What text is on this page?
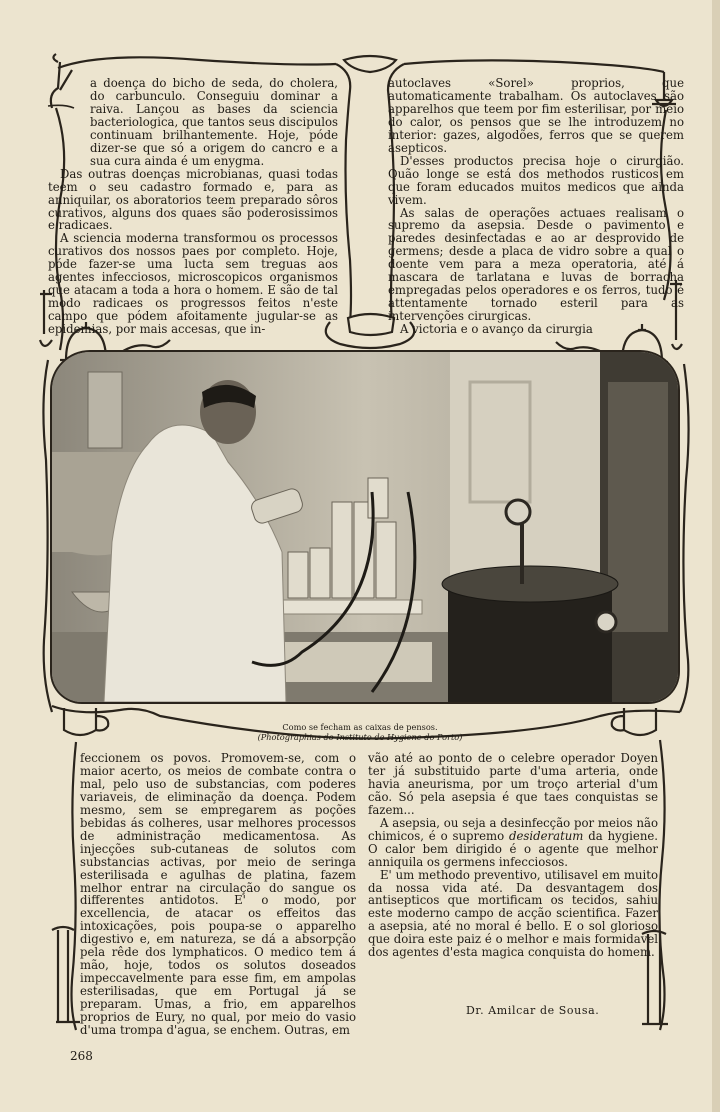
a doença do bicho de seda, do cholera, do carbunculo. Conseguiu dominar a raiva. Lançou as bases da sciencia bacteriologica, que tantos seus discipulos continuam brilhantemente. Hoje, póde dizer-se que só a origem do cancro e a sua cura ainda é um enygma.

Das outras doenças microbianas, quasi todas teem o seu cadastro formado e, para as anniquilar, os aboratorios teem preparado sôros curativos, alguns dos quaes são poderosissimos e radicaes.

A sciencia moderna transformou os processos curativos dos nossos paes por completo. Hoje, póde fazer-se uma lucta sem treguas aos agentes infecciosos, microscopicos organismos que atacam a toda a hora o homem. E são de tal modo radicaes os progressos feitos n'este campo que pódem afoitamente jugular-se as epidemias, por mais accesas, que in-

autoclaves «Sorel» proprios, que automaticamente trabalham. Os autoclaves são apparelhos que teem por fim esterilisar, por meio do calor, os pensos que se lhe introduzem no interior: gazes, algodões, ferros que se querem asepticos.

D'esses productos precisa hoje o cirurgião. Quão longe se está dos methodos rusticos em que foram educados muitos medicos que ainda vivem.

As salas de operações actuaes realisam o supremo da asepsia. Desde o pavimento e paredes desinfectadas e ao ar desprovido de germens; desde a placa de vidro sobre a qual o doente vem para a meza operatoria, até á mascara de tarlatana e luvas de borracha empregadas pelos operadores e os ferros, tudo é attentamente tornado esteril para as intervenções cirurgicas.

A victoria e o avanço da cirurgia

Como se fecham as caixas de pensos.
(Photographias do Instituto de Hygiene do Porto)

feccionem os povos. Promovem-se, com o maior acerto, os meios de combate contra o mal, pelo uso de substancias, com poderes variaveis, de eliminação da doença. Podem mesmo, sem se empregarem as poções bebidas ás colheres, usar melhores processos de administração medicamentosa. As injecções sub-cutaneas de solutos com substancias activas, por meio de seringa esterilisada e agulhas de platina, fazem melhor entrar na circulação do sangue os differentes antidotos. E' o modo, por excellencia, de atacar os effeitos das intoxicações, pois poupa-se o apparelho digestivo e, em natureza, se dá a absorpção pela rêde dos lymphaticos. O medico tem á mão, hoje, todos os solutos doseados impeccavelmente para esse fim, em ampolas esterilisadas, que em Portugal já se preparam. Umas, a frio, em apparelhos proprios de Eury, no qual, por meio do vasio d'uma trompa d'agua, se enchem. Outras, em

vão até ao ponto de o celebre operador Doyen ter já substituido parte d'uma arteria, onde havia aneurisma, por um troço arterial d'um cão. Só pela asepsia é que taes conquistas se fazem...

A asepsia, ou seja a desinfecção por meios não chimicos, é o supremo desideratum da hygiene. O calor bem dirigido é o agente que melhor anniquila os germens infecciosos.

E' um methodo preventivo, utilisavel em muito da nossa vida até. Da desvantagem dos antisepticos que mortificam os tecidos, sahiu este moderno campo de acção scientifica. Fazer a asepsia, até no moral é bello. E o sol glorioso que doira este paiz é o melhor e mais formidavel dos agentes d'esta magica conquista do homem.

Dr. Amilcar de Sousa.
268
